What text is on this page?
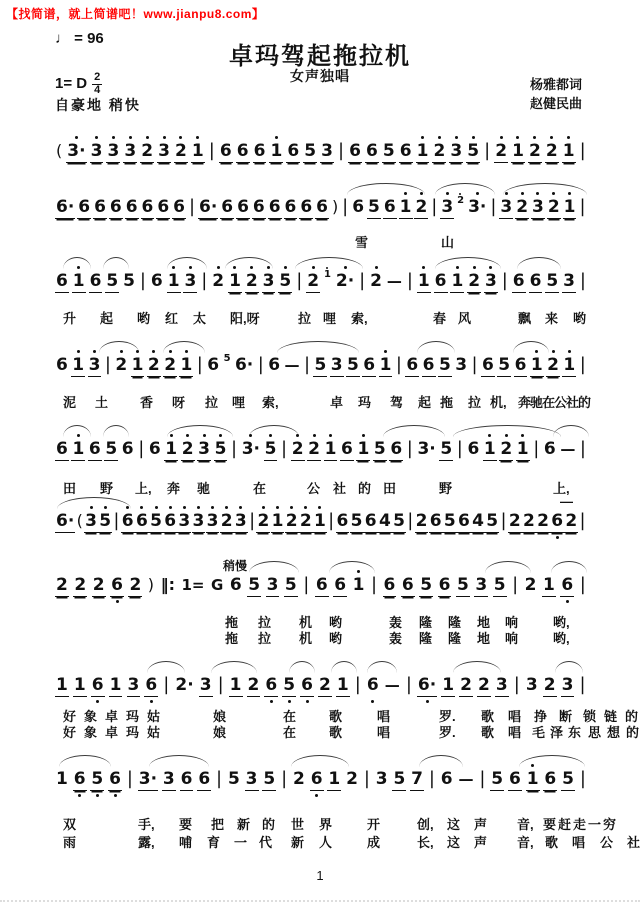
【找简谱，就上简谱吧！www.jianpu8.com】
♩ = 96
卓玛驾起拖拉机
女声独唱
1= D $\frac{2}{4}$
自豪地 稍快
杨雅都词
赵健民曲
( 3· 3 3 3 2 3 2 1 | 6 6 6 1 6 5 3 | 6 6 5 6 1 2 3 5 | 2 1 2 2 1 |
6· 6 6 6 6 6 6 6 | 6· 6 6 6 6 6 6 6 ) | 6 5 6 1 2 | 3 2 3· | 3 2 3 2 1 |
雪	山
6 1 6 5 5 | 6 1 3 | 2 1 2 3 5 | 2 1 2· | 2 — | 1 6 1 2 3 | 6 6 5 3 |
升 起 哟 红 太 阳,呀	拉 哩 索,	春风	飘 来 哟
6 1 3 | 2 1 2 2 1 | 6 5 6· | 6 — | 5 3 5 6 1 | 6 6 5 3 | 6 5 6 1 2 1 |
泥 土 香 呀 拉 哩 索,	卓 玛 驾 起 拖 拉 机, 奔驰在公社的
6 1 6 5 6 | 6 1 2 3 5 | 3· 5 | 2 2 1 6 1 5 6 | 3· 5 | 6 1 2 1 | 6 — |
田 野 上, 奔 驰	在	公 社 的 田	野	上,
—
6· ( 3 5 | 6 6 5 6 3 3 3 2 3 | 2 1 2 2 1 | 6 5 6 4 5 | 2 6 5 6 4 5 | 2 2 2 6 2 |
稍慢
2 2 2 6 2 ) ‖: 1= G 6 5 3 5 | 6 6 1 | 6 6 5 6 5 3 5 | 2 1 6 |
拖 拉 机 哟	轰 隆 隆 地 响	哟,
拖 拉 机 哟	轰 隆 隆 地 响	哟,
1 1 6 1 3 6 | 2· 3 | 1 2 6 5 6 2 1 | 6 — | 6· 1 2 2 3 | 3 2 3 |
好象卓玛姑	娘	在	歌	唱	罗. 歌 唱 挣 断 锁 链 的
好象卓玛姑	娘	在	歌	唱	罗. 歌 唱 毛 泽 东 思 想 的
1 6 5 6 | 3· 3 6 6 | 5 3 5 | 2 6 1 2 | 3 5 7 | 6 — | 5 6 1 6 5 |
双	手, 要 把 新 的 世 界	开	创, 这 声 音, 要赶走一穷
雨	露, 哺 育 一 代 新 人	成	长, 这 声 音, 歌 唱 公 社
1
